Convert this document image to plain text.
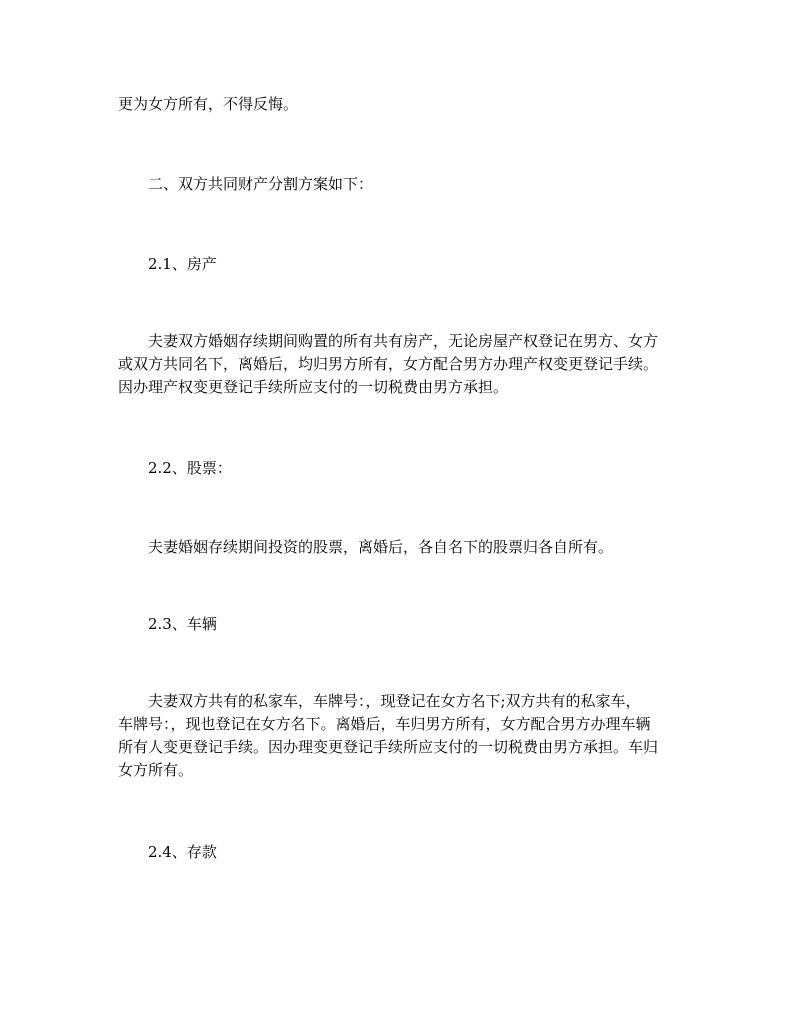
更为女方所有，不得反悔。
二、双方共同财产分割方案如下：
2.1、房产
夫妻双方婚姻存续期间购置的所有共有房产，无论房屋产权登记在男方、女方
或双方共同名下，离婚后，均归男方所有，女方配合男方办理产权变更登记手续。
因办理产权变更登记手续所应支付的一切税费由男方承担。
2.2、股票：
夫妻婚姻存续期间投资的股票，离婚后，各自名下的股票归各自所有。
2.3、车辆
夫妻双方共有的私家车，车牌号：，现登记在女方名下;双方共有的私家车，
车牌号：，现也登记在女方名下。离婚后，车归男方所有，女方配合男方办理车辆
所有人变更登记手续。因办理变更登记手续所应支付的一切税费由男方承担。车归
女方所有。
2.4、存款
